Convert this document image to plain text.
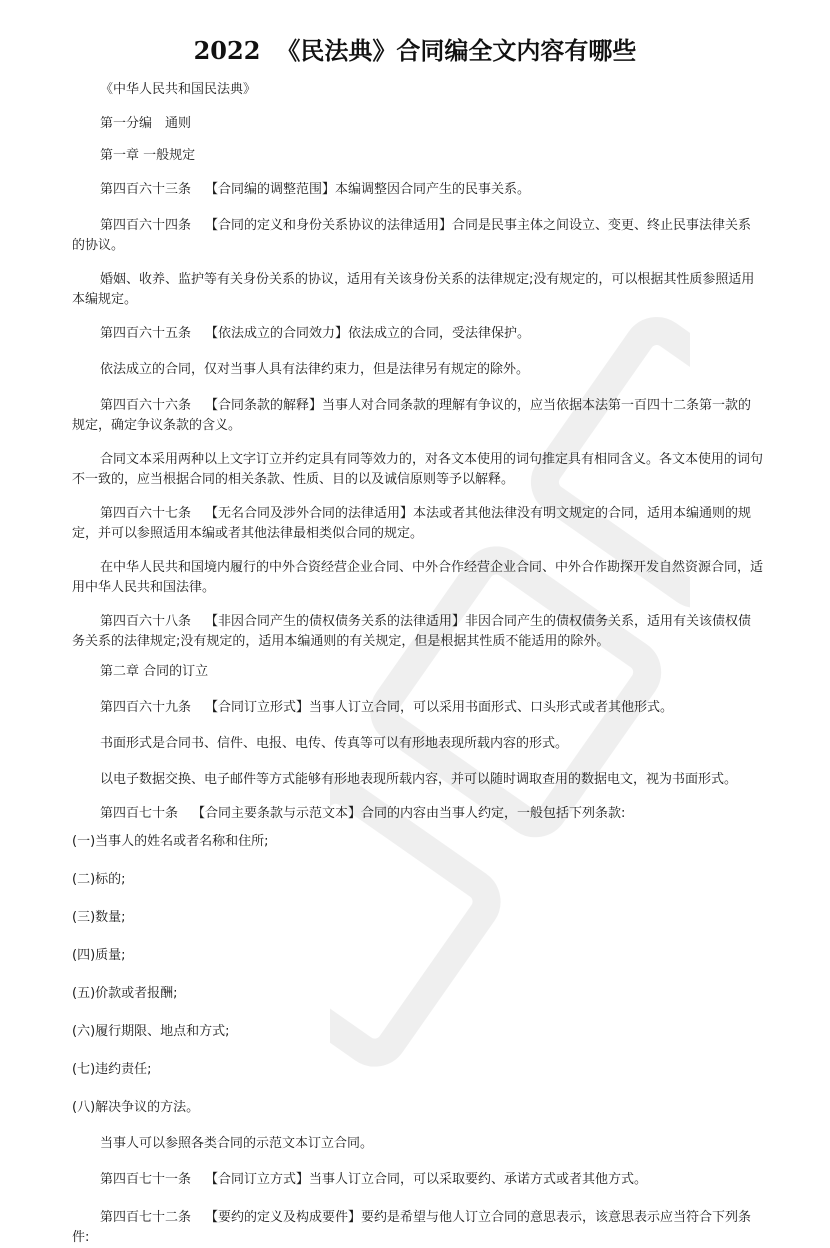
2022 《民法典》合同编全文内容有哪些

《中华人民共和国民法典》

第一分编　通则

第一章 一般规定

第四百六十三条 【合同编的调整范围】本编调整因合同产生的民事关系。

第四百六十四条 【合同的定义和身份关系协议的法律适用】合同是民事主体之间设立、变更、终止民事法律关系的协议。

婚姻、收养、监护等有关身份关系的协议，适用有关该身份关系的法律规定;没有规定的，可以根据其性质参照适用本编规定。

第四百六十五条 【依法成立的合同效力】依法成立的合同，受法律保护。

依法成立的合同，仅对当事人具有法律约束力，但是法律另有规定的除外。

第四百六十六条 【合同条款的解释】当事人对合同条款的理解有争议的，应当依据本法第一百四十二条第一款的规定，确定争议条款的含义。

合同文本采用两种以上文字订立并约定具有同等效力的，对各文本使用的词句推定具有相同含义。各文本使用的词句不一致的，应当根据合同的相关条款、性质、目的以及诚信原则等予以解释。

第四百六十七条 【无名合同及涉外合同的法律适用】本法或者其他法律没有明文规定的合同，适用本编通则的规定，并可以参照适用本编或者其他法律最相类似合同的规定。

在中华人民共和国境内履行的中外合资经营企业合同、中外合作经营企业合同、中外合作勘探开发自然资源合同，适用中华人民共和国法律。

第四百六十八条 【非因合同产生的债权债务关系的法律适用】非因合同产生的债权债务关系，适用有关该债权债务关系的法律规定;没有规定的，适用本编通则的有关规定，但是根据其性质不能适用的除外。

第二章 合同的订立

第四百六十九条 【合同订立形式】当事人订立合同，可以采用书面形式、口头形式或者其他形式。

书面形式是合同书、信件、电报、电传、传真等可以有形地表现所载内容的形式。

以电子数据交换、电子邮件等方式能够有形地表现所载内容，并可以随时调取查用的数据电文，视为书面形式。

第四百七十条 【合同主要条款与示范文本】合同的内容由当事人约定，一般包括下列条款:

(一)当事人的姓名或者名称和住所;

(二)标的;

(三)数量;

(四)质量;

(五)价款或者报酬;

(六)履行期限、地点和方式;

(七)违约责任;

(八)解决争议的方法。

当事人可以参照各类合同的示范文本订立合同。

第四百七十一条 【合同订立方式】当事人订立合同，可以采取要约、承诺方式或者其他方式。

第四百七十二条 【要约的定义及构成要件】要约是希望与他人订立合同的意思表示，该意思表示应当符合下列条件:
